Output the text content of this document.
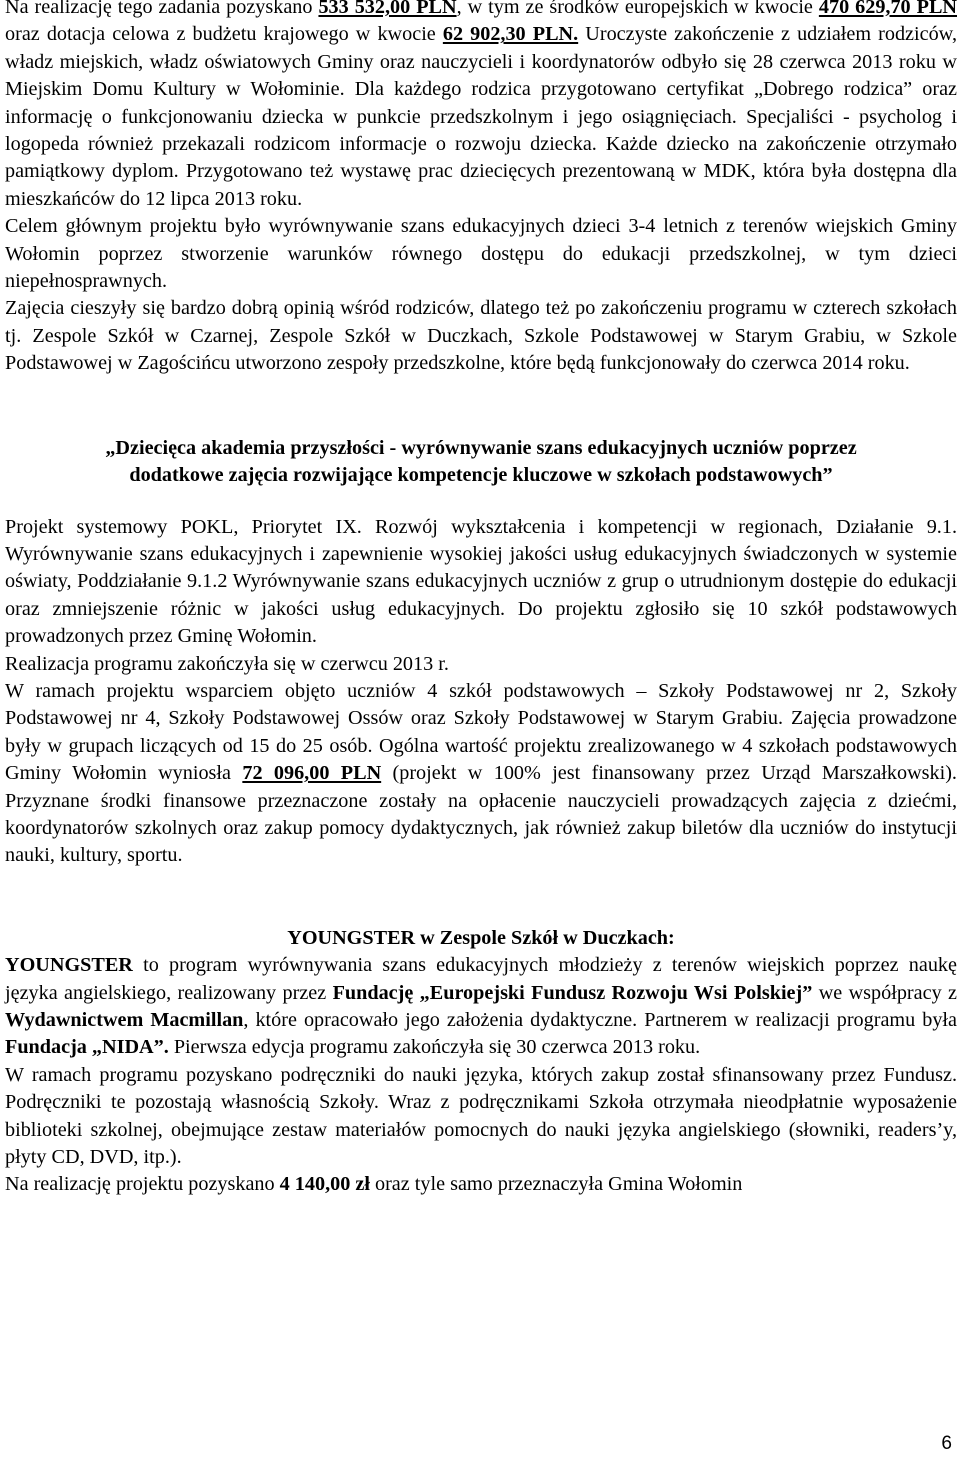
Na realizację tego zadania pozyskano 533 532,00 PLN, w tym ze środków europejskich w kwocie 470 629,70 PLN oraz dotacja celowa z budżetu krajowego w kwocie 62 902,30 PLN. Uroczyste zakończenie z udziałem rodziców, władz miejskich, władz oświatowych Gminy oraz nauczycieli i koordynatorów odbyło się 28 czerwca 2013 roku w Miejskim Domu Kultury w Wołominie. Dla każdego rodzica przygotowano certyfikat „Dobrego rodzica” oraz informację o funkcjonowaniu dziecka w punkcie przedszkolnym i jego osiągnięciach. Specjaliści - psycholog i logopeda również przekazali rodzicom informacje o rozwoju dziecka. Każde dziecko na zakończenie otrzymało pamiątkowy dyplom. Przygotowano też wystawę prac dziecięcych prezentowaną w MDK, która była dostępna dla mieszkańców do 12 lipca 2013 roku.

Celem głównym projektu było wyrównywanie szans edukacyjnych dzieci 3-4 letnich z terenów wiejskich Gminy Wołomin poprzez stworzenie warunków równego dostępu do edukacji przedszkolnej, w tym dzieci niepełnosprawnych.

Zajęcia cieszyły się bardzo dobrą opinią wśród rodziców, dlatego też po zakończeniu programu w czterech szkołach tj. Zespole Szkół w Czarnej, Zespole Szkół w Duczkach, Szkole Podstawowej w Starym Grabiu, w Szkole Podstawowej w Zagościńcu utworzono zespoły przedszkolne, które będą funkcjonowały do czerwca 2014 roku.

„Dziecięca akademia przyszłości - wyrównywanie szans edukacyjnych uczniów poprzez

dodatkowe zajęcia rozwijające kompetencje kluczowe w szkołach podstawowych”

Projekt systemowy POKL, Priorytet IX. Rozwój wykształcenia i kompetencji w regionach, Działanie 9.1. Wyrównywanie szans edukacyjnych i zapewnienie wysokiej jakości usług edukacyjnych świadczonych w systemie oświaty, Poddziałanie 9.1.2 Wyrównywanie szans edukacyjnych uczniów z grup o utrudnionym dostępie do edukacji oraz zmniejszenie różnic w jakości usług edukacyjnych. Do projektu zgłosiło się 10 szkół podstawowych prowadzonych przez Gminę Wołomin.

Realizacja programu zakończyła się w czerwcu 2013 r.

W ramach projektu wsparciem objęto uczniów 4 szkół podstawowych – Szkoły Podstawowej nr 2, Szkoły Podstawowej nr 4, Szkoły Podstawowej Ossów oraz Szkoły Podstawowej w Starym Grabiu. Zajęcia prowadzone były w grupach liczących od 15 do 25 osób. Ogólna wartość projektu zrealizowanego w 4 szkołach podstawowych Gminy Wołomin wyniosła 72 096,00 PLN (projekt w 100% jest finansowany przez Urząd Marszałkowski). Przyznane środki finansowe przeznaczone zostały na opłacenie nauczycieli prowadzących zajęcia z dziećmi, koordynatorów szkolnych oraz zakup pomocy dydaktycznych, jak również zakup biletów dla uczniów do instytucji nauki, kultury, sportu.

YOUNGSTER w Zespole Szkół w Duczkach:

YOUNGSTER to program wyrównywania szans edukacyjnych młodzieży z terenów wiejskich poprzez naukę języka angielskiego, realizowany przez Fundację „Europejski Fundusz Rozwoju Wsi Polskiej” we współpracy z Wydawnictwem Macmillan, które opracowało jego założenia dydaktyczne. Partnerem w realizacji programu była Fundacja „NIDA”. Pierwsza edycja programu zakończyła się 30 czerwca 2013 roku.

W ramach programu pozyskano podręczniki do nauki języka, których zakup został sfinansowany przez Fundusz. Podręczniki te pozostają własnością Szkoły. Wraz z podręcznikami Szkoła otrzymała nieodpłatnie wyposażenie biblioteki szkolnej, obejmujące zestaw materiałów pomocnych do nauki języka angielskiego (słowniki, readers’y, płyty CD, DVD, itp.).

Na realizację projektu pozyskano 4 140,00 zł oraz tyle samo przeznaczyła Gmina Wołomin

6
